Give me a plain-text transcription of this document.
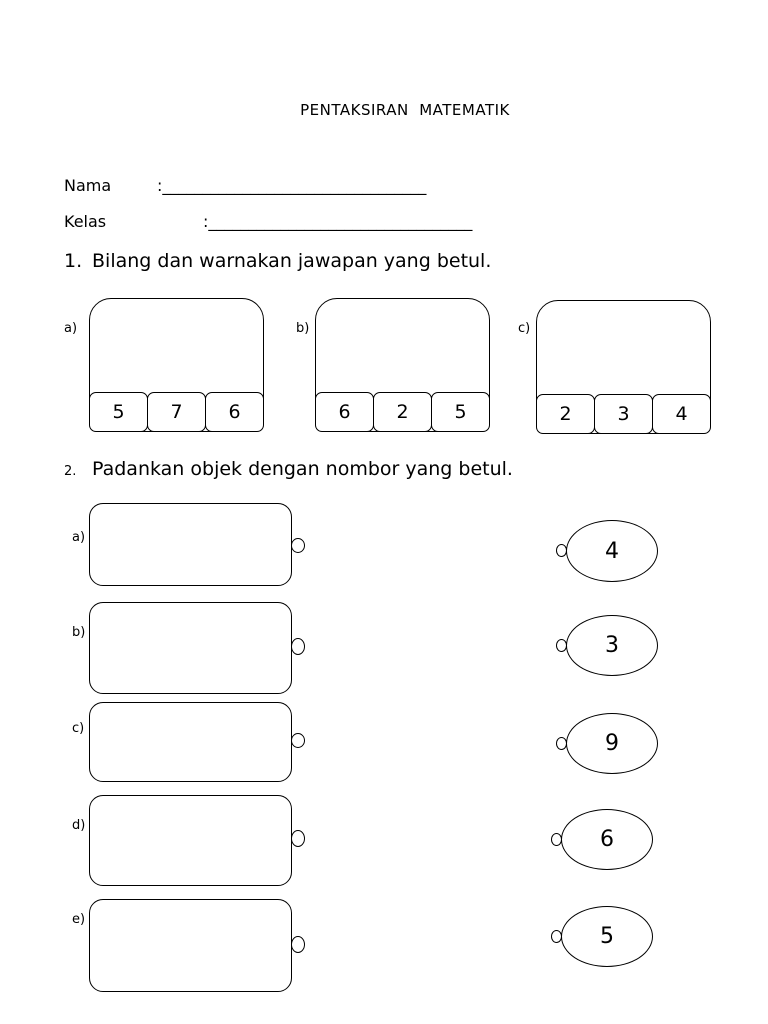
PENTAKSIRAN  MATEMATIK
Nama	:_________________________________
Kelas	:_________________________________
1. Bilang dan warnakan jawapan yang betul.
a)
5	7	6
b)
6	2	5
c)
2	3	4
2. Padankan objek dengan nombor yang betul.
a)
b)
c)
d)
e)
4
3
9
6
5
